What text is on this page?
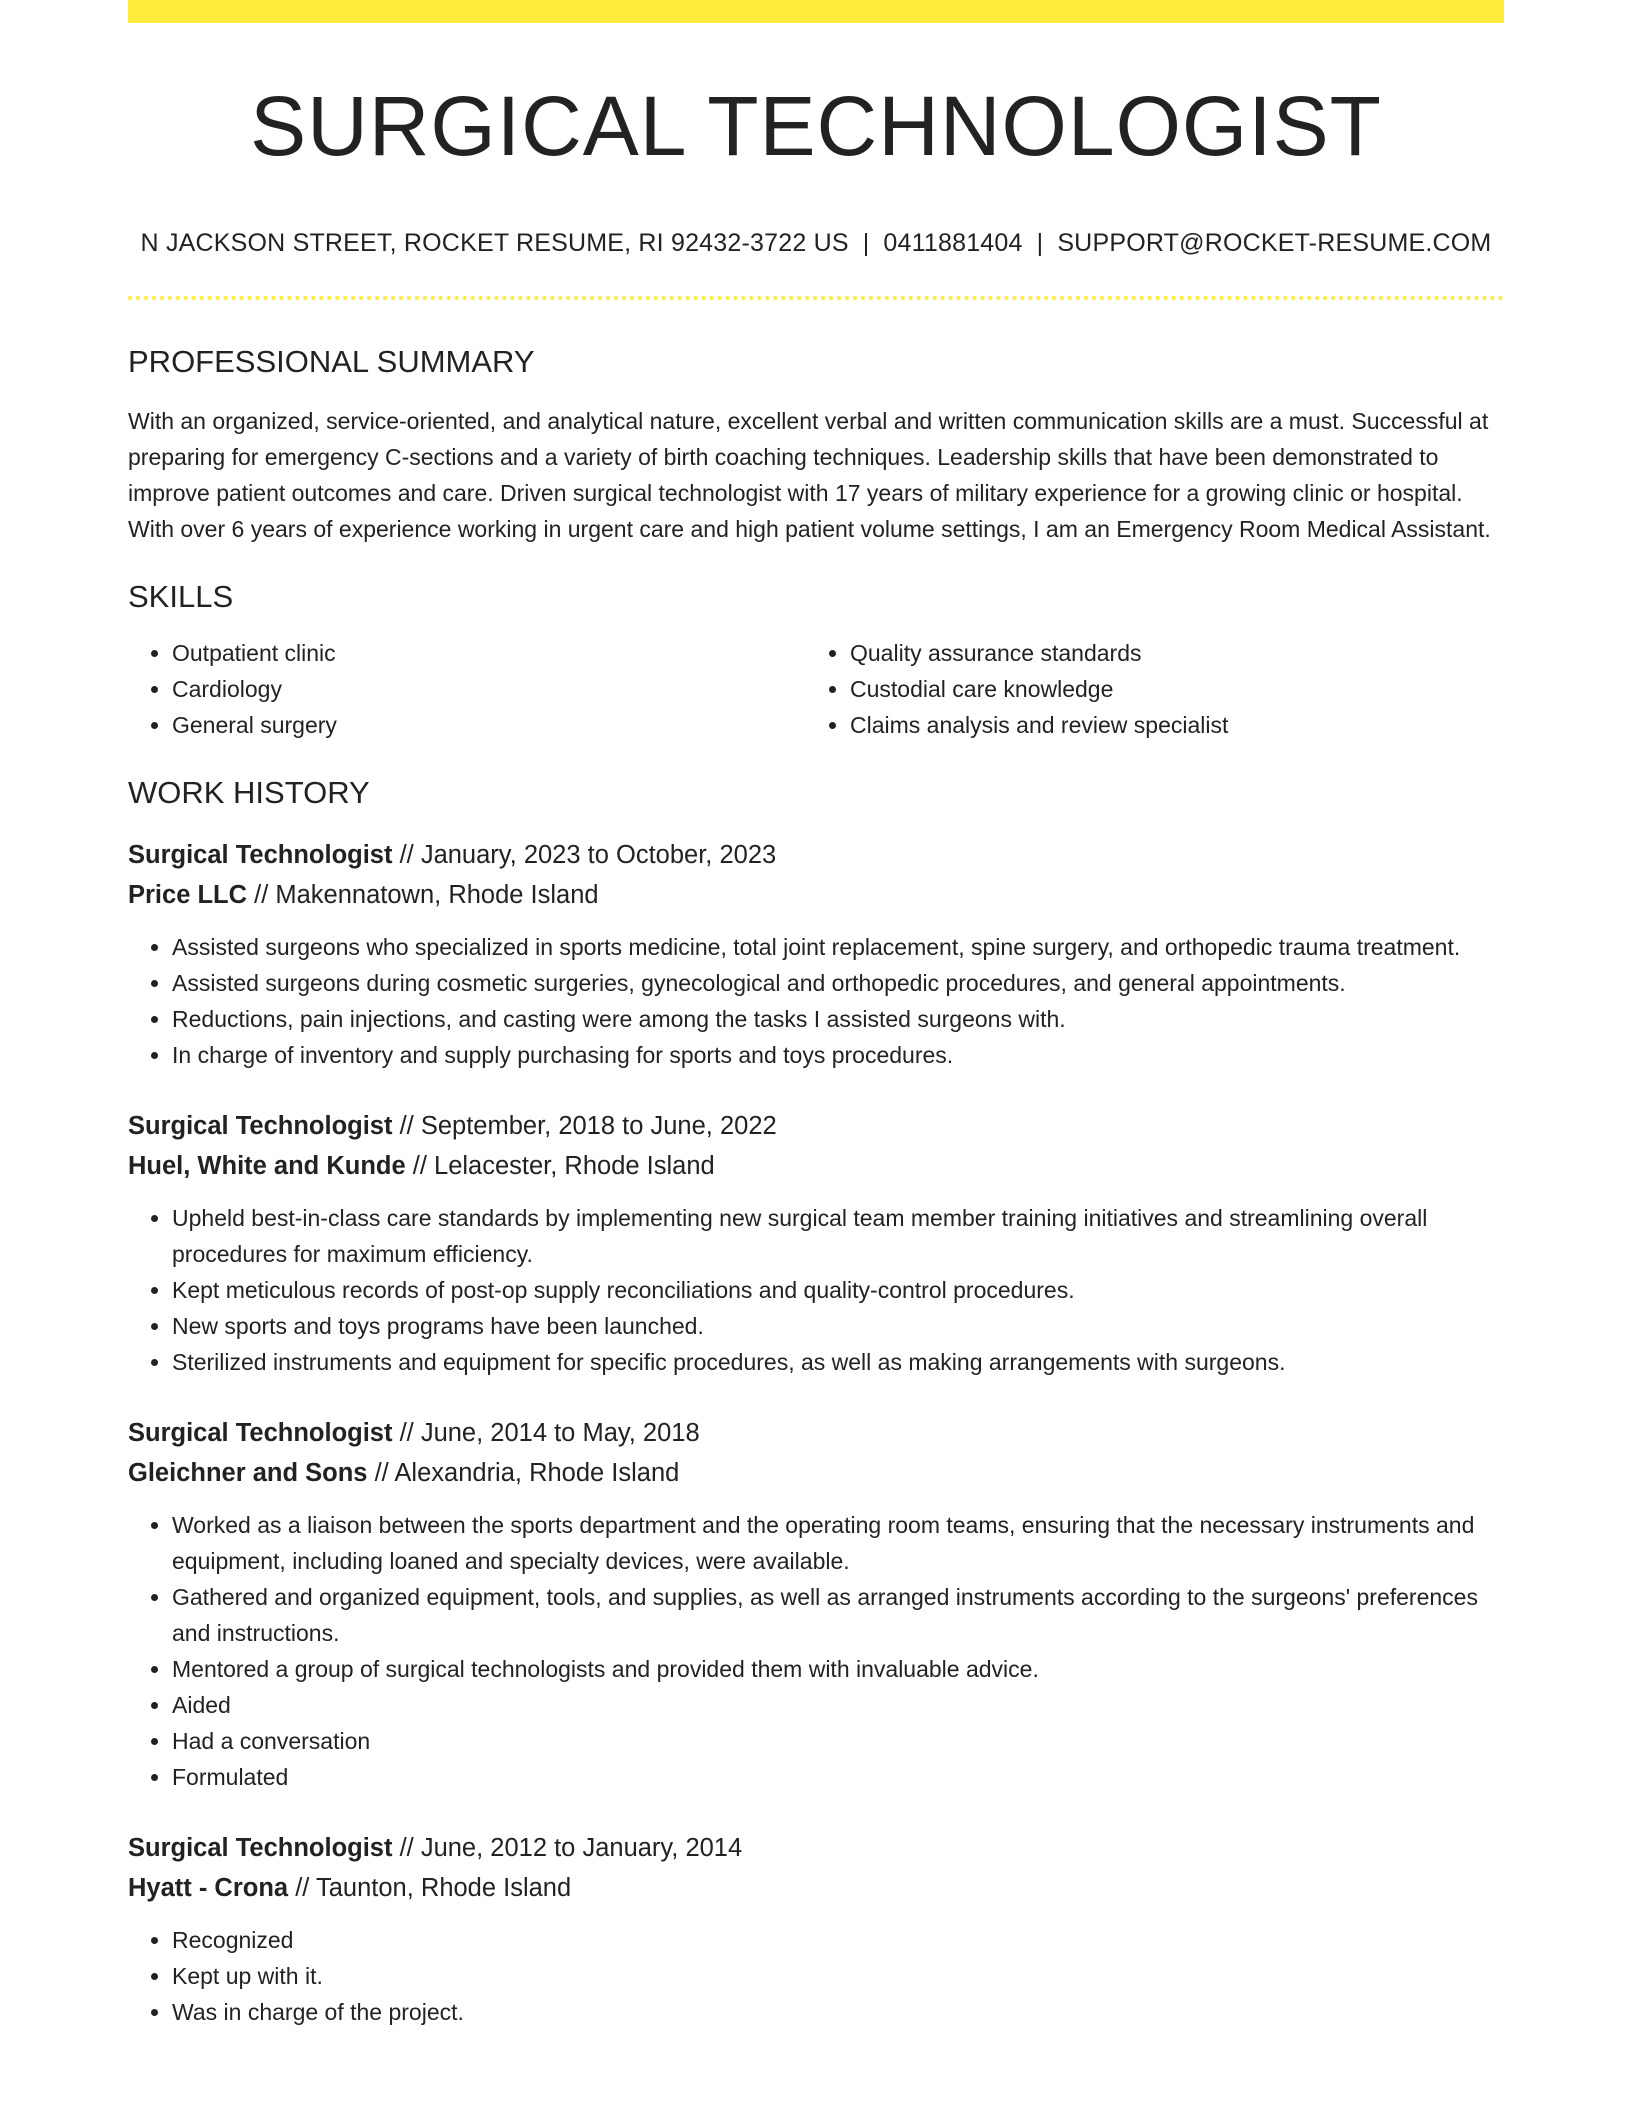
SURGICAL TECHNOLOGIST
N JACKSON STREET, ROCKET RESUME, RI 92432-3722 US | 0411881404 | SUPPORT@ROCKET-RESUME.COM
PROFESSIONAL SUMMARY
With an organized, service-oriented, and analytical nature, excellent verbal and written communication skills are a must. Successful at preparing for emergency C-sections and a variety of birth coaching techniques. Leadership skills that have been demonstrated to improve patient outcomes and care. Driven surgical technologist with 17 years of military experience for a growing clinic or hospital. With over 6 years of experience working in urgent care and high patient volume settings, I am an Emergency Room Medical Assistant.
SKILLS
• Outpatient clinic
• Cardiology
• General surgery
• Quality assurance standards
• Custodial care knowledge
• Claims analysis and review specialist
WORK HISTORY
Surgical Technologist // January, 2023 to October, 2023
Price LLC // Makennatown, Rhode Island
• Assisted surgeons who specialized in sports medicine, total joint replacement, spine surgery, and orthopedic trauma treatment.
• Assisted surgeons during cosmetic surgeries, gynecological and orthopedic procedures, and general appointments.
• Reductions, pain injections, and casting were among the tasks I assisted surgeons with.
• In charge of inventory and supply purchasing for sports and toys procedures.
Surgical Technologist // September, 2018 to June, 2022
Huel, White and Kunde // Lelacester, Rhode Island
• Upheld best-in-class care standards by implementing new surgical team member training initiatives and streamlining overall procedures for maximum efficiency.
• Kept meticulous records of post-op supply reconciliations and quality-control procedures.
• New sports and toys programs have been launched.
• Sterilized instruments and equipment for specific procedures, as well as making arrangements with surgeons.
Surgical Technologist // June, 2014 to May, 2018
Gleichner and Sons // Alexandria, Rhode Island
• Worked as a liaison between the sports department and the operating room teams, ensuring that the necessary instruments and equipment, including loaned and specialty devices, were available.
• Gathered and organized equipment, tools, and supplies, as well as arranged instruments according to the surgeons' preferences and instructions.
• Mentored a group of surgical technologists and provided them with invaluable advice.
• Aided
• Had a conversation
• Formulated
Surgical Technologist // June, 2012 to January, 2014
Hyatt - Crona // Taunton, Rhode Island
• Recognized
• Kept up with it.
• Was in charge of the project.
